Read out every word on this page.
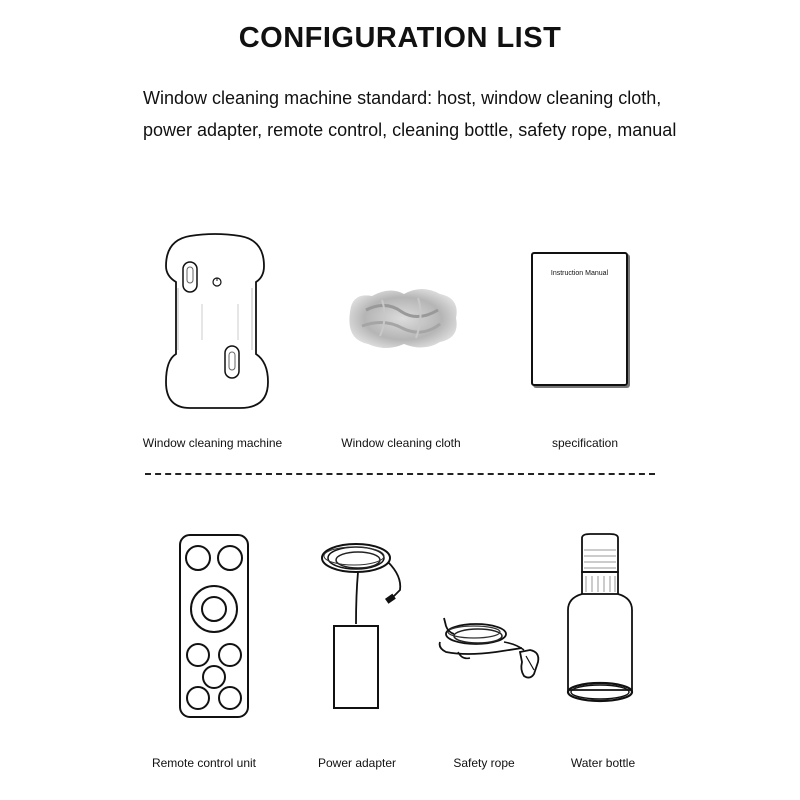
CONFIGURATION LIST
Window cleaning machine standard: host, window cleaning cloth,
power adapter, remote control, cleaning bottle, safety rope, manual
Window cleaning machine	Window cleaning cloth
Instruction Manual
specification
Remote control unit	Power adapter	Safety rope	Water bottle
